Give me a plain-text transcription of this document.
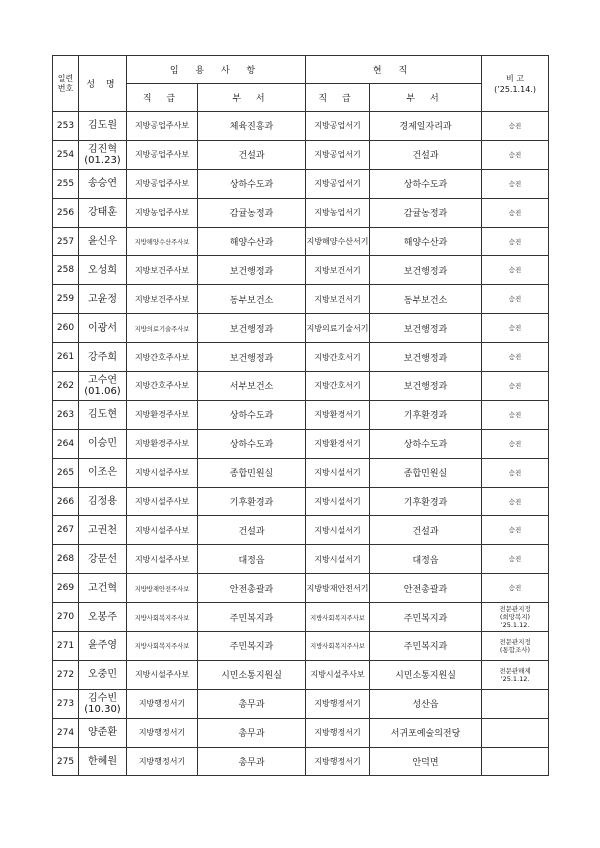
일련
번호	성 명	임 용 사 항		현 직		비 고
(’25.1.14.)

		직 급	부 서	직 급	부 서	
253	김도원	지방공업주사보	체육진흥과	지방공업서기	경제일자리과	승진
254	김진혁
(01.23)	지방공업주사보	건설과	지방공업서기	건설과	승진
255	송승연	지방공업주사보	상하수도과	지방공업서기	상하수도과	승진
256	강태훈	지방농업주사보	감귤농정과	지방농업서기	감귤농정과	승진
257	윤신우	지방해양수산주사보	해양수산과	지방해양수산서기	해양수산과	승진
258	오성희	지방보건주사보	보건행정과	지방보건서기	보건행정과	승진
259	고윤정	지방보건주사보	동부보건소	지방보건서기	동부보건소	승진
260	이광서	지방의료기술주사보	보건행정과	지방의료기술서기	보건행정과	승진
261	강주희	지방간호주사보	보건행정과	지방간호서기	보건행정과	승진
262	고수연
(01.06)	지방간호주사보	서부보건소	지방간호서기	보건행정과	승진
263	김도현	지방환경주사보	상하수도과	지방환경서기	기후환경과	승진
264	이승민	지방환경주사보	상하수도과	지방환경서기	상하수도과	승진
265	이조은	지방시설주사보	종합민원실	지방시설서기	종합민원실	승진
266	김정용	지방시설주사보	기후환경과	지방시설서기	기후환경과	승진
267	고권천	지방시설주사보	건설과	지방시설서기	건설과	승진
268	강문선	지방시설주사보	대정읍	지방시설서기	대정읍	승진
269	고건혁	지방방재안전주사보	안전총괄과	지방방재안전서기	안전총괄과	승진
270	오봉주	지방사회복지주사보	주민복지과	지방사회복지주사보	주민복지과	전문관지정
(희망복지)
’25.1.12.
271	윤주영	지방사회복지주사보	주민복지과	지방사회복지주사보	주민복지과	전문관지정
(통합조사)
272	오중민	지방시설주사보	시민소통지원실	지방시설주사보	시민소통지원실	전문관해제
’25.1.12.
273	김수빈
(10.30)	지방행정서기	총무과	지방행정서기	성산읍	
274	양준환	지방행정서기	총무과	지방행정서기	서귀포예술의전당	
275	한혜원	지방행정서기	총무과	지방행정서기	안덕면	
